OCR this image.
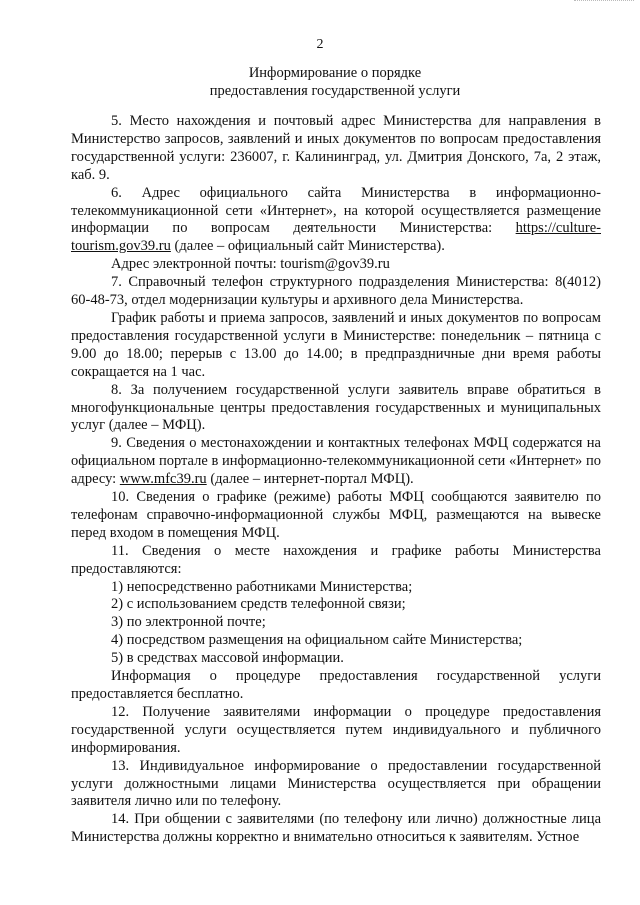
2
Информирование о порядке
предоставления государственной услуги

5. Место нахождения и почтовый адрес Министерства для направления в Министерство запросов, заявлений и иных документов по вопросам предоставления государственной услуги: 236007, г. Калининград, ул. Дмитрия Донского, 7а, 2 этаж, каб. 9.

6. Адрес официального сайта Министерства в информационно-телекоммуникационной сети «Интернет», на которой осуществляется размещение информации по вопросам деятельности Министерства: https://culture-tourism.gov39.ru (далее – официальный сайт Министерства).

Адрес электронной почты: tourism@gov39.ru

7. Справочный телефон структурного подразделения Министерства: 8(4012) 60-48-73, отдел модернизации культуры и архивного дела Министерства.

График работы и приема запросов, заявлений и иных документов по вопросам предоставления государственной услуги в Министерстве: понедельник – пятница с 9.00 до 18.00; перерыв с 13.00 до 14.00; в предпраздничные дни время работы сокращается на 1 час.

8. За получением государственной услуги заявитель вправе обратиться в многофункциональные центры предоставления государственных и муниципальных услуг (далее – МФЦ).

9. Сведения о местонахождении и контактных телефонах МФЦ содержатся на официальном портале в информационно-телекоммуникационной сети «Интернет» по адресу: www.mfc39.ru (далее – интернет-портал МФЦ).

10. Сведения о графике (режиме) работы МФЦ сообщаются заявителю по телефонам справочно-информационной службы МФЦ, размещаются на вывеске перед входом в помещения МФЦ.

11. Сведения о месте нахождения и графике работы Министерства предоставляются:

1) непосредственно работниками Министерства;

2) с использованием средств телефонной связи;

3) по электронной почте;

4) посредством размещения на официальном сайте Министерства;

5) в средствах массовой информации.

Информация о процедуре предоставления государственной услуги предоставляется бесплатно.

12. Получение заявителями информации о процедуре предоставления государственной услуги осуществляется путем индивидуального и публичного информирования.

13. Индивидуальное информирование о предоставлении государственной услуги должностными лицами Министерства осуществляется при обращении заявителя лично или по телефону.

14. При общении с заявителями (по телефону или лично) должностные лица Министерства должны корректно и внимательно относиться к заявителям. Устное
